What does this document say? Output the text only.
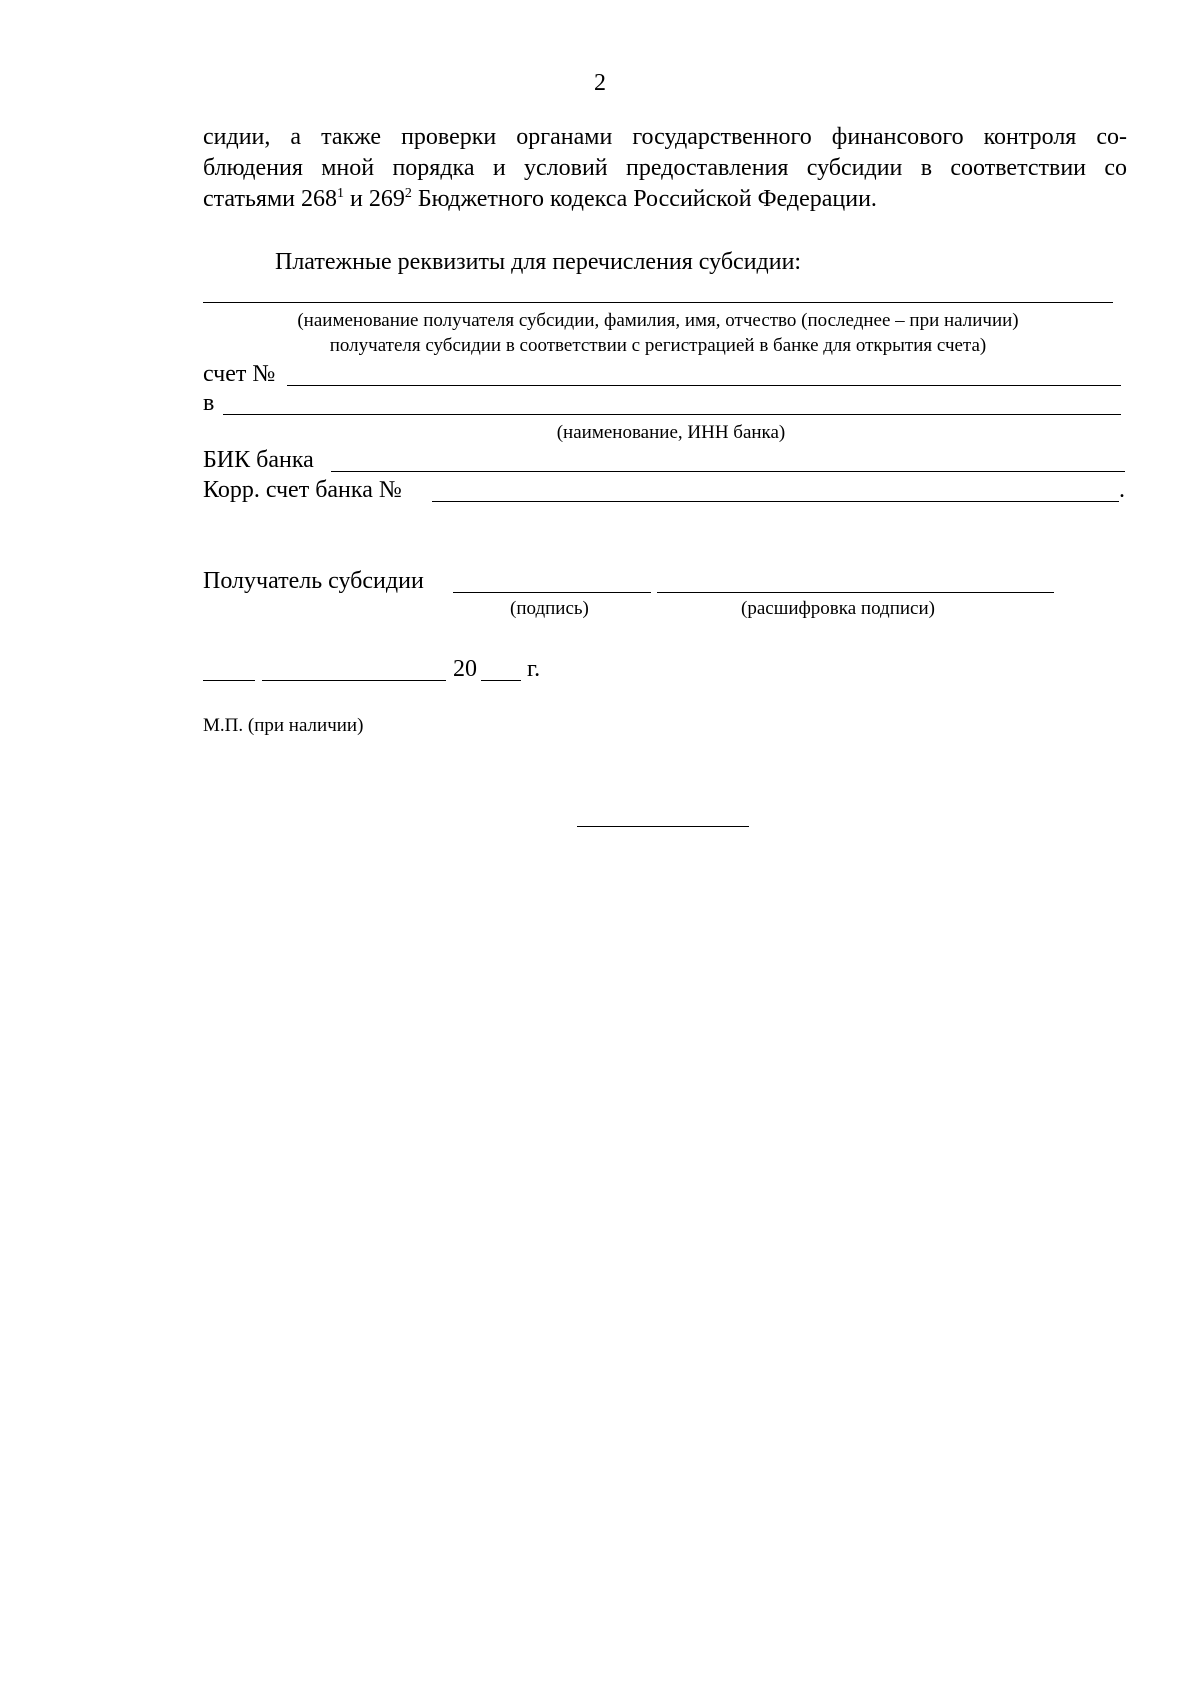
2
сидии, а также проверки органами государственного финансового контроля со-
блюдения мной порядка и условий предоставления субсидии в соответствии со
статьями $268^1$ и $269^2$ Бюджетного кодекса Российской Федерации.
Платежные реквизиты для перечисления субсидии:
(наименование получателя субсидии, фамилия, имя, отчество (последнее – при наличии)
получателя субсидии в соответствии с регистрацией в банке для открытия счета)
счет №
в
(наименование, ИНН банка)
БИК банка
Корр. счет банка №	.
Получатель субсидии
(подпись)	(расшифровка подписи)
20 г.
М.П. (при наличии)
